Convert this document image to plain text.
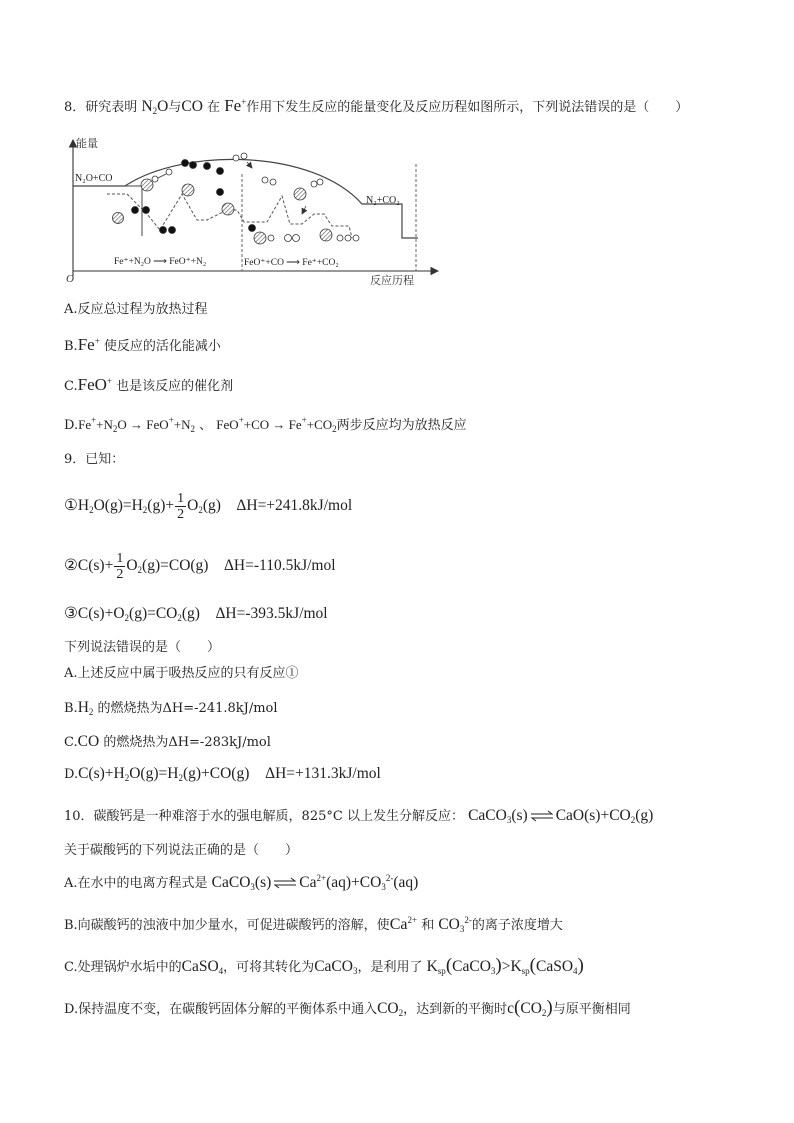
8．研究表明 $N_2O$与CO 在 Fe+作用下发生反应的能量变化及反应历程如图所示，下列说法错误的是（　　）
能量
反应历程
O
N₂O+CO
N₂+CO₂
Fe⁺+N₂O ⟶ FeO⁺+N₂	FeO⁺+CO ⟶ Fe⁺+CO₂
A.反应总过程为放热过程
B.Fe+ 使反应的活化能减小
C.FeO+ 也是该反应的催化剂
$D.Fe^++N_2O \to FeO^++N_2$ 、 $FeO^++CO \to Fe^++CO_2$两步反应均为放热反应
9．已知：
$①H_2O(g)=H_2(g)+ \frac{1}{2} O_2(g)$    ΔH=+241.8kJ/mol
②C(s)+ $\frac{1}{2} O_2(g)=CO(g)$    ΔH=-110.5kJ/mol
$③C(s)+O_2(g)=CO_2(g)$    ΔH=-393.5kJ/mol
下列说法错误的是（　　）
A.上述反应中属于吸热反应的只有反应①
$B.H_2$ 的燃烧热为ΔH=-241.8kJ/mol
C.CO 的燃烧热为ΔH=-283kJ/mol
$D.C(s)+H_2O(g)=H_2(g)+CO(g)$    ΔH=+131.3kJ/mol
10．碳酸钙是一种难溶于水的强电解质，825°C 以上发生分解反应： CaCO$_3$(s) ⇌ $CaO(s)+CO_2(g)$
关于碳酸钙的下列说法正确的是（　　）
A.在水中的电离方程式是 CaCO$_3$(s) ⇌ $Ca^{2+}(aq)+CO_3^{2-}(aq)$
B.向碳酸钙的浊液中加少量水，可促进碳酸钙的溶解，使$Ca^{2+}$ 和 $CO_3^{2-}$的离子浓度增大
C.处理锅炉水垢中的CaSO$_4$，可将其转化为CaCO$_3$，是利用了 $K_{sp}(CaCO_3)>K_{sp}(CaSO_4)$
D.保持温度不变，在碳酸钙固体分解的平衡体系中通入$CO_2$，达到新的平衡时$c(CO_2)$与原平衡相同
